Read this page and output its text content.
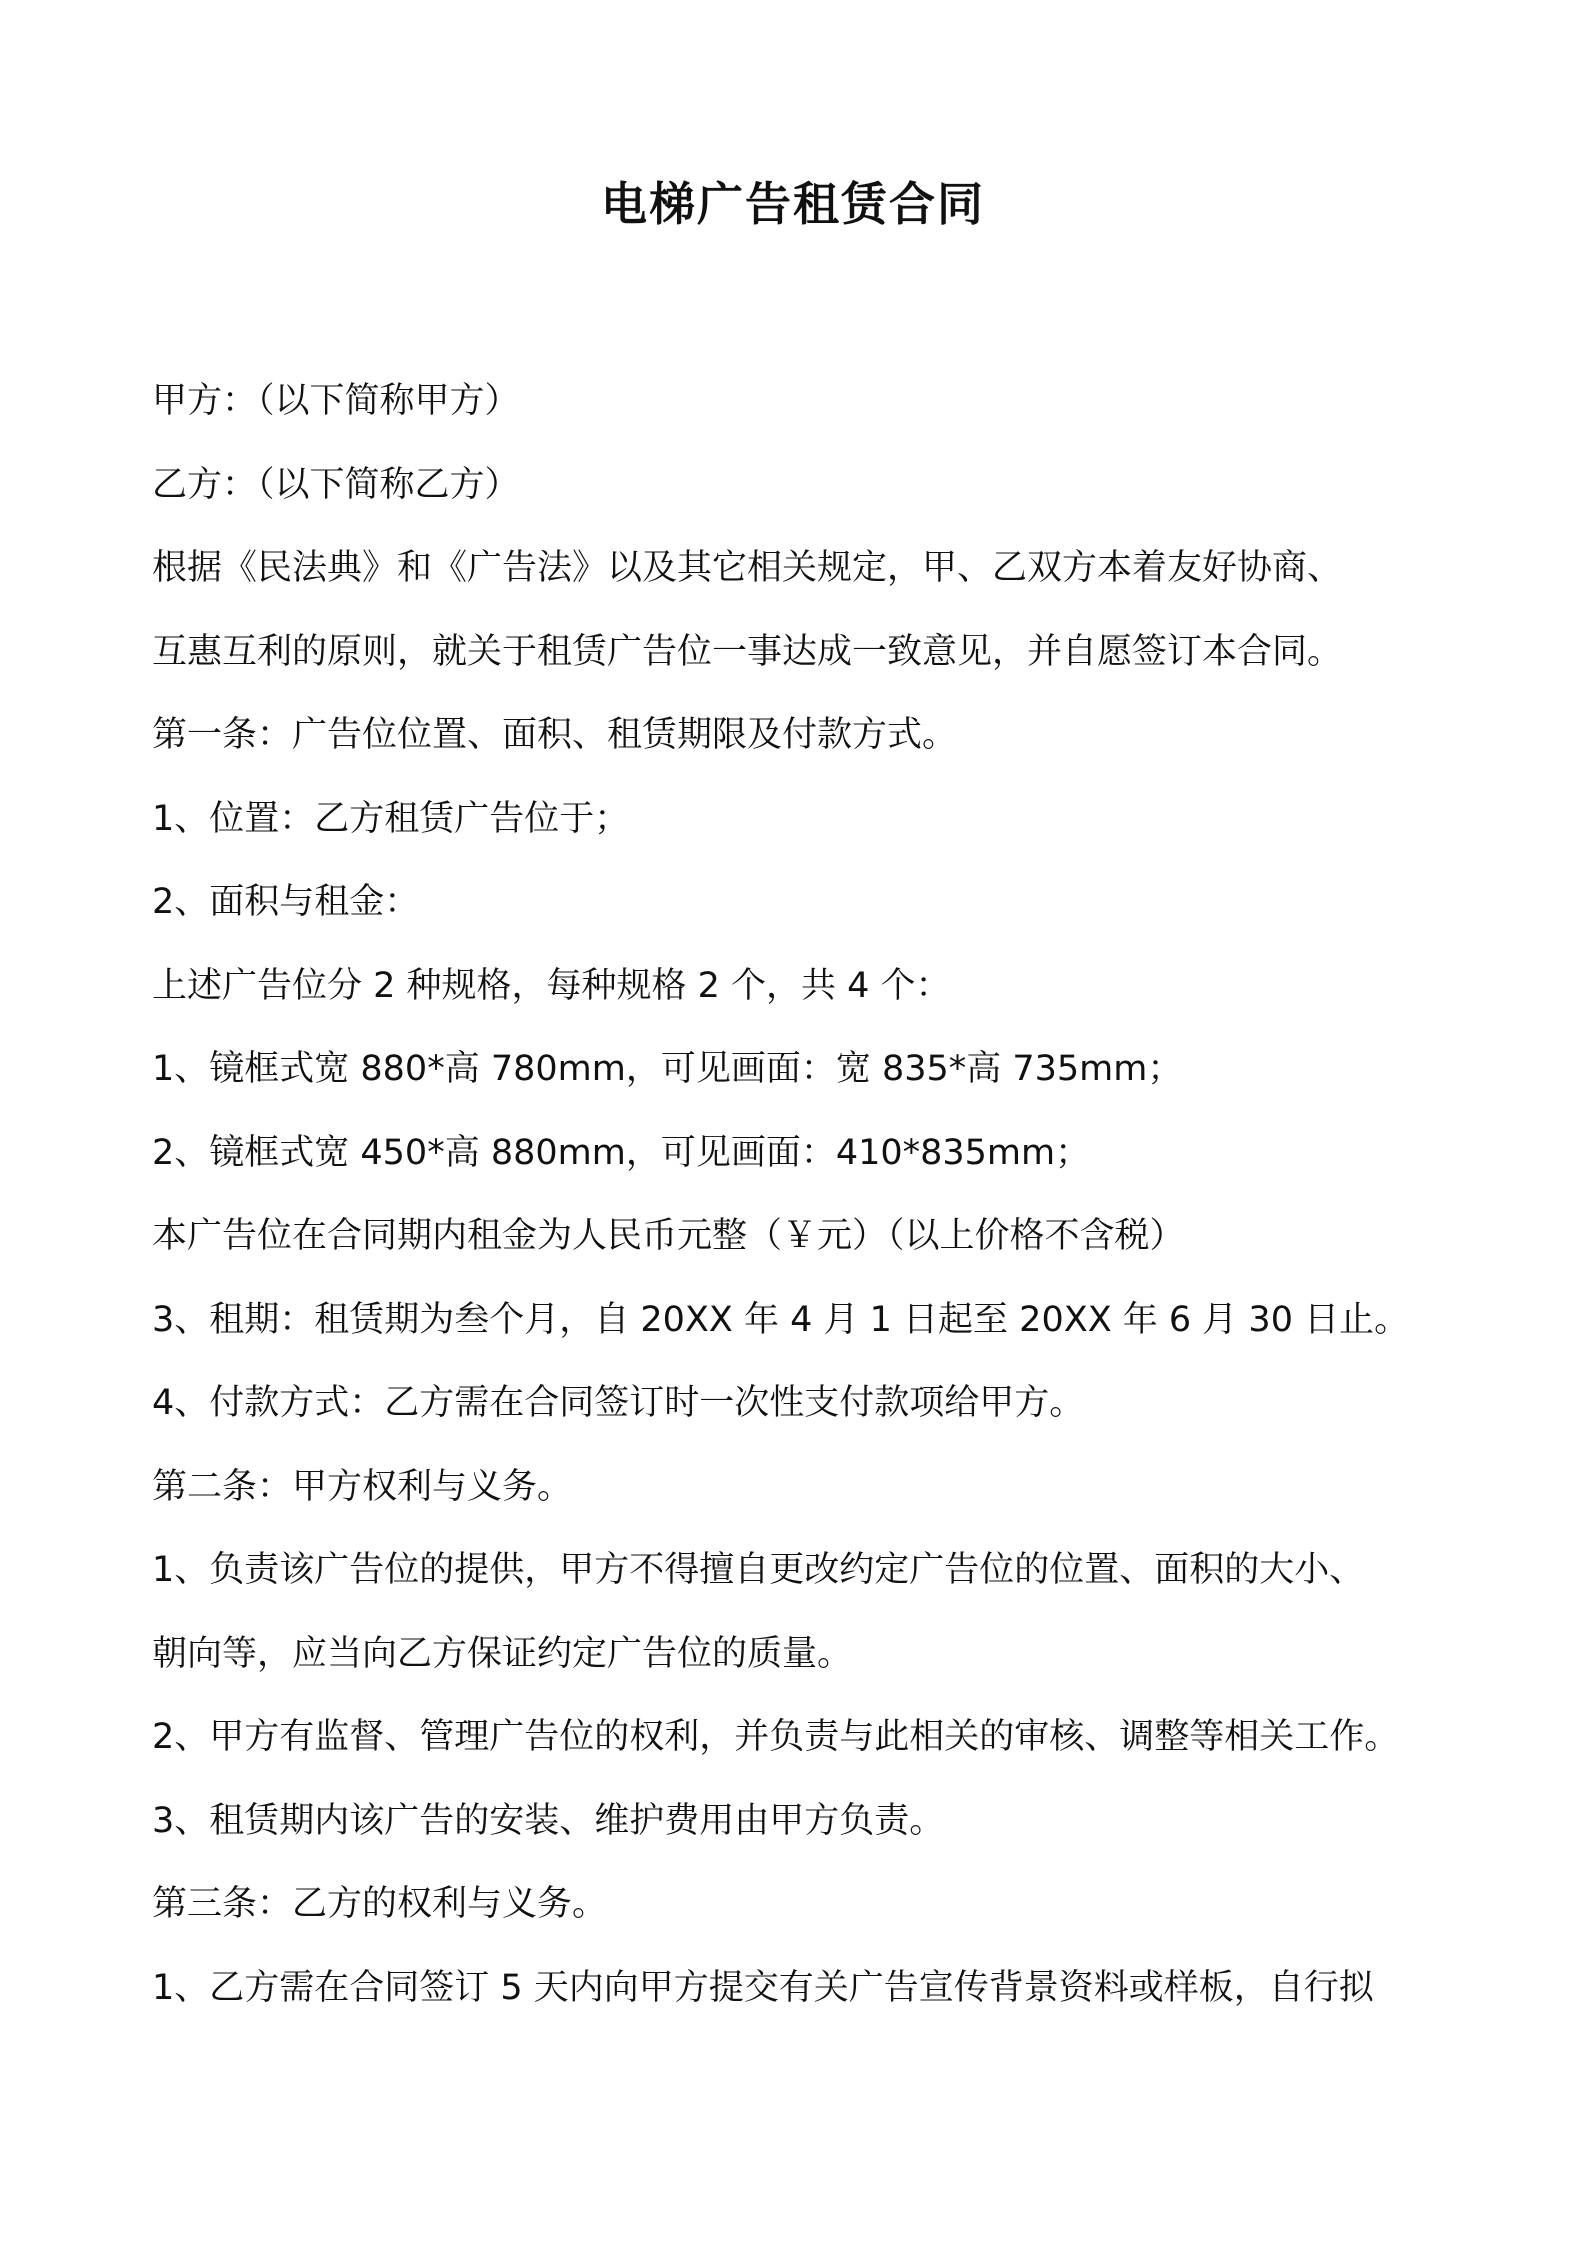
电梯广告租赁合同
甲方：（以下简称甲方）
乙方：（以下简称乙方）
根据《民法典》和《广告法》以及其它相关规定，甲、乙双方本着友好协商、
互惠互利的原则，就关于租赁广告位一事达成一致意见，并自愿签订本合同。
第一条：广告位位置、面积、租赁期限及付款方式。
1、位置：乙方租赁广告位于；
2、面积与租金：
上述广告位分 2 种规格，每种规格 2 个，共 4 个：
1、镜框式宽 880*高 780mm，可见画面：宽 835*高 735mm；
2、镜框式宽 450*高 880mm，可见画面：410*835mm；
本广告位在合同期内租金为人民币元整（￥元）（以上价格不含税）
3、租期：租赁期为叁个月，自 20XX 年 4 月 1 日起至 20XX 年 6 月 30 日止。
4、付款方式：乙方需在合同签订时一次性支付款项给甲方。
第二条：甲方权利与义务。
1、负责该广告位的提供，甲方不得擅自更改约定广告位的位置、面积的大小、
朝向等，应当向乙方保证约定广告位的质量。
2、甲方有监督、管理广告位的权利，并负责与此相关的审核、调整等相关工作。
3、租赁期内该广告的安装、维护费用由甲方负责。
第三条：乙方的权利与义务。
1、乙方需在合同签订 5 天内向甲方提交有关广告宣传背景资料或样板，自行拟
